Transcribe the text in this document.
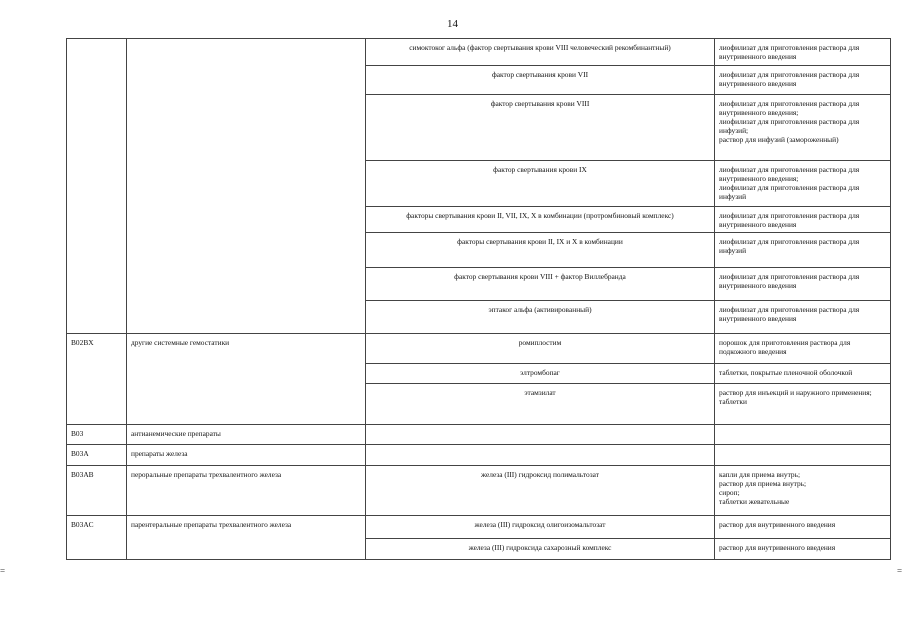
14
=	=
		симоктоког альфа (фактор свертывания крови VIII человеческий рекомбинантный)	лиофилизат для приготовления раствора для внутривенного введения

		фактор свертывания крови VII	лиофилизат для приготовления раствора для внутривенного введения

		фактор свертывания крови VIII	лиофилизат для приготовления раствора для внутривенного введения;
лиофилизат для приготовления раствора для инфузий;
раствор для инфузий (замороженный)

		фактор свертывания крови IX	лиофилизат для приготовления раствора для внутривенного введения;
лиофилизат для приготовления раствора для инфузий

		факторы свертывания крови II, VII, IX, X в комбинации (протромбиновый комплекс)	лиофилизат для приготовления раствора для внутривенного введения

		факторы свертывания крови II, IX и X в комбинации	лиофилизат для приготовления раствора для инфузий

		фактор свертывания крови VIII + фактор Виллебранда	лиофилизат для приготовления раствора для внутривенного введения

		эптаког альфа (активированный)	лиофилизат для приготовления раствора для внутривенного введения

B02BX	другие системные гемостатики	ромиплостим	порошок для приготовления раствора для подкожного введения

		элтромбопаг	таблетки, покрытые пленочной оболочкой

		этамзилат	раствор для инъекций и наружного применения;
таблетки

B03	антианемические препараты		
B03A	препараты железа		
B03AB	пероральные препараты трехвалентного железа	железа (III) гидроксид полимальтозат	капли для приема внутрь;
раствор для приема внутрь;
сироп;
таблетки жевательные

B03AC	парентеральные препараты трехвалентного железа	железа (III) гидроксид олигоизомальтозат	раствор для внутривенного введения

		железа (III) гидроксида сахарозный комплекс	раствор для внутривенного введения
